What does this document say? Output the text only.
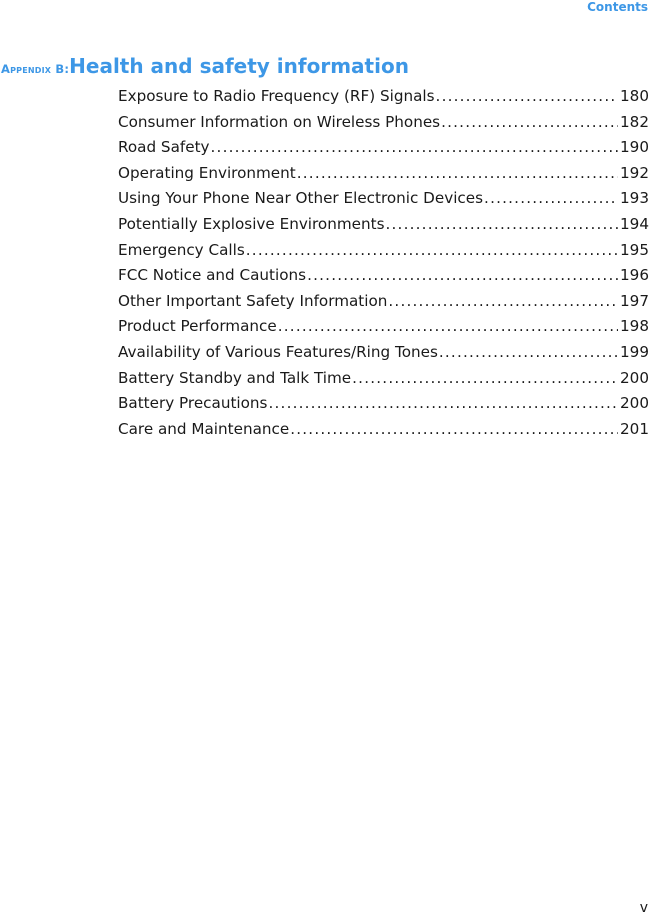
Contents
Appendix B:Health and safety information
Exposure to Radio Frequency (RF) Signals .....	180
Consumer Information on Wireless Phones .....	182
Road Safety .....	190
Operating Environment .....	192
Using Your Phone Near Other Electronic Devices .....	193
Potentially Explosive Environments .....	194
Emergency Calls .....	195
FCC Notice and Cautions .....	196
Other Important Safety Information .....	197
Product Performance .....	198
Availability of Various Features/Ring Tones .....	199
Battery Standby and Talk Time .....	200
Battery Precautions .....	200
Care and Maintenance .....	201
v
